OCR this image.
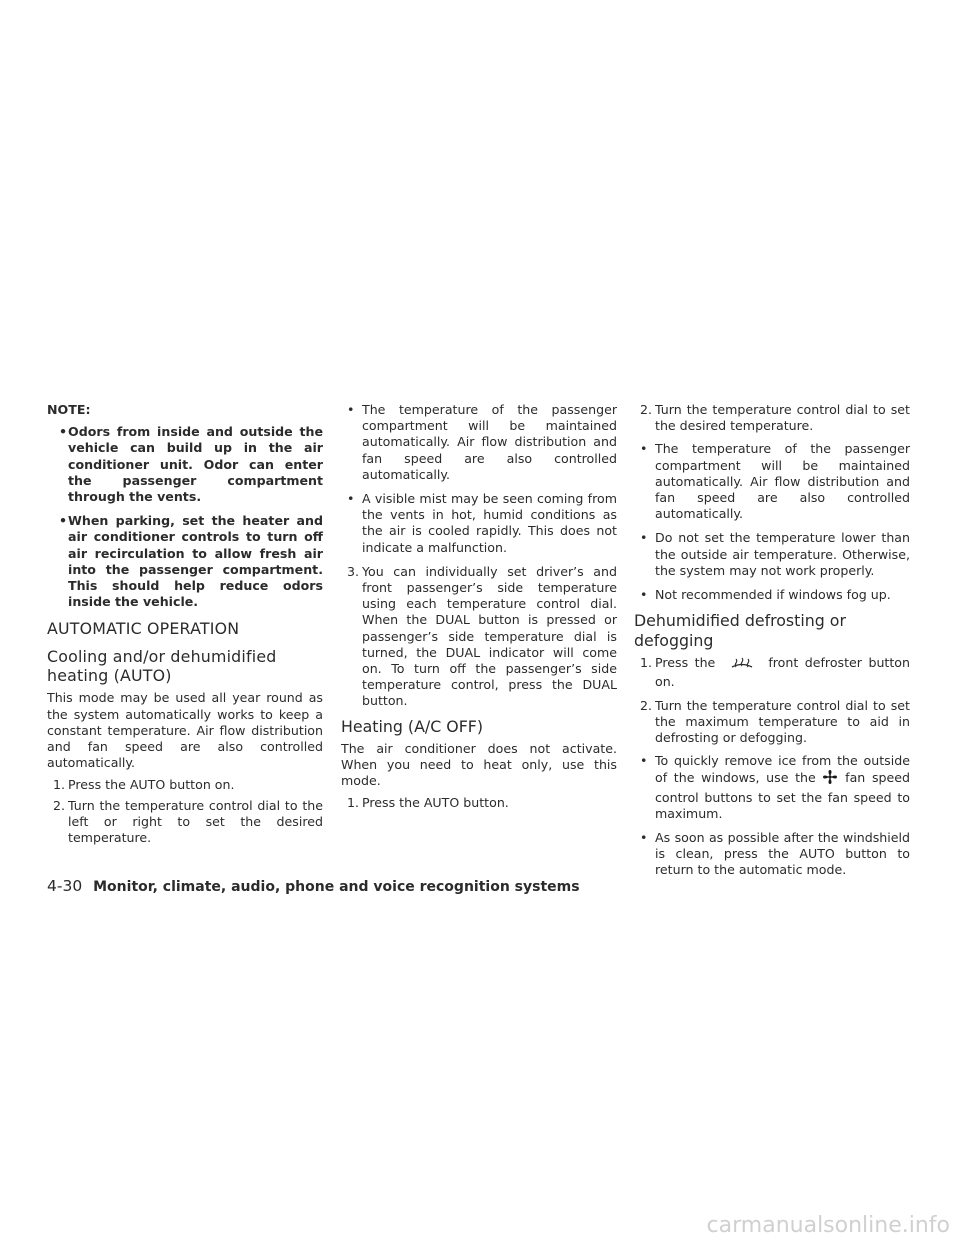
NOTE:

• Odors from inside and outside the vehicle can build up in the air conditioner unit. Odor can enter the passenger compartment through the vents.
• When parking, set the heater and air conditioner controls to turn off air recirculation to allow fresh air into the passenger compartment. This should help reduce odors inside the vehicle.
AUTOMATIC OPERATION
Cooling and/or dehumidified heating (AUTO)

This mode may be used all year round as the system automatically works to keep a constant temperature. Air flow distribution and fan speed are also controlled automatically.

1. Press the AUTO button on.
2. Turn the temperature control dial to the left or right to set the desired temperature.
• The temperature of the passenger compartment will be maintained automatically. Air flow distribution and fan speed are also controlled automatically.
• A visible mist may be seen coming from the vents in hot, humid conditions as the air is cooled rapidly. This does not indicate a malfunction.
3. You can individually set driver’s and front passenger’s side temperature using each temperature control dial. When the DUAL button is pressed or passenger’s side temperature dial is turned, the DUAL indicator will come on. To turn off the passenger’s side temperature control, press the DUAL button.
Heating (A/C OFF)

The air conditioner does not activate. When you need to heat only, use this mode.

1. Press the AUTO button.
2. Turn the temperature control dial to set the desired temperature.
• The temperature of the passenger compartment will be maintained automatically. Air flow distribution and fan speed are also controlled automatically.
• Do not set the temperature lower than the outside air temperature. Otherwise, the system may not work properly.
• Not recommended if windows fog up.
Dehumidified defrosting or defogging
1. Press the	front defroster button on.
2. Turn the temperature control dial to set the maximum temperature to aid in defrosting or defogging.
• To quickly remove ice from the outside of the windows, use the fan speed control buttons to set the fan speed to maximum.
• As soon as possible after the windshield is clean, press the AUTO button to return to the automatic mode.
4-30 Monitor, climate, audio, phone and voice recognition systems
carmanualsonline.info
